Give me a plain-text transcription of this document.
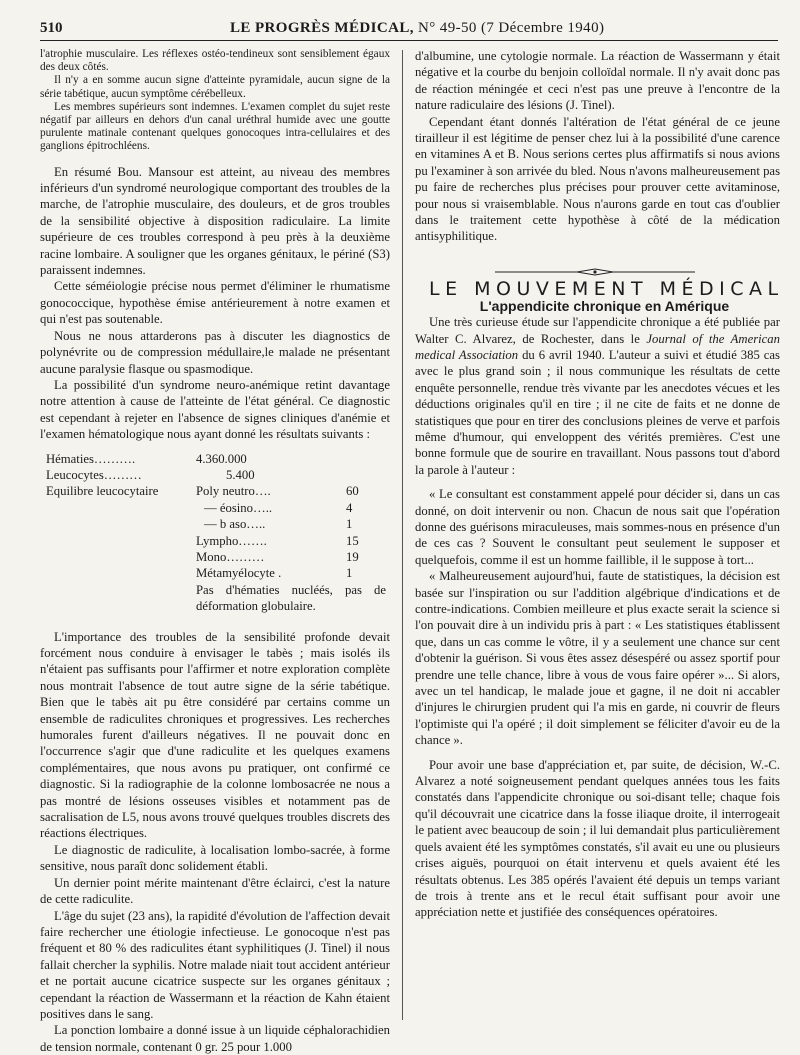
510	LE PROGRÈS MÉDICAL, N° 49-50 (7 Décembre 1940)

l'atrophie musculaire. Les réflexes ostéo-tendineux sont sensiblement égaux des deux côtés.

Il n'y a en somme aucun signe d'atteinte pyramidale, aucun signe de la série tabétique, aucun symptôme cérébelleux.

Les membres supérieurs sont indemnes. L'examen complet du sujet reste négatif par ailleurs en dehors d'un canal uréthral humide avec une goutte purulente matinale contenant quelques gonocoques intra-cellulaires et des ganglions épitrochléens.

En résumé Bou. Mansour est atteint, au niveau des membres inférieurs d'un syndromé neurologique comportant des troubles de la marche, de l'atrophie musculaire, des douleurs, et de gros troubles de la sensibilité objective à disposition radiculaire. La limite supérieure de ces troubles correspond à peu près à la deuxième racine lombaire. A souligner que les organes génitaux, le périné (S3) paraissent indemnes.

Cette séméiologie précise nous permet d'éliminer le rhumatisme gonococcique, hypothèse émise antérieurement à notre examen et qui n'est pas soutenable.

Nous ne nous attarderons pas à discuter les diagnostics de polynévrite ou de compression médullaire,le malade ne présentant aucune paralysie flasque ou spasmodique.

La possibilité d'un syndrome neuro-anémique retint davantage notre attention à cause de l'atteinte de l'état général. Ce diagnostic est cependant à rejeter en l'absence de signes cliniques d'anémie et l'examen hématologique nous ayant donné les résultats suivants :

Hématies……….	4.360.000	
Leucocytes………	5.400	
Equilibre leucocytaire	Poly neutro….	60
	— éosino…..	4
	— b aso…..	1
	Lympho…….	15
	Mono………	19
	Métamyélocyte .	1
	Pas d'hématies nucléés, pas de déformation globulaire.	

L'importance des troubles de la sensibilité profonde devait forcément nous conduire à envisager le tabès ; mais isolés ils n'étaient pas suffisants pour l'affirmer et notre exploration complète nous montrait l'absence de tout autre signe de la série tabétique. Bien que le tabès ait pu être considéré par certains comme un ensemble de radiculites chroniques et progressives. Les recherches humorales furent d'ailleurs négatives. Il ne pouvait donc en l'occurrence s'agir que d'une radiculite et les quelques examens complémentaires, que nous avons pu pratiquer, ont confirmé ce diagnostic. Si la radiographie de la colonne lombosacrée ne nous a pas montré de lésions osseuses visibles et notamment pas de sacralisation de L5, nous avons trouvé quelques troubles discrets des réactions électriques.

Le diagnostic de radiculite, à localisation lombo-sacrée, à forme sensitive, nous paraît donc solidement établi.

Un dernier point mérite maintenant d'être éclairci, c'est la nature de cette radiculite.

L'âge du sujet (23 ans), la rapidité d'évolution de l'affection devait faire rechercher une étiologie infectieuse. Le gonocoque n'est pas fréquent et 80 % des radiculites étant syphilitiques (J. Tinel) il nous fallait chercher la syphilis. Notre malade niait tout accident antérieur et ne portait aucune cicatrice suspecte sur les organes génitaux ; cependant la réaction de Wassermann et la réaction de Kahn étaient positives dans le sang.

La ponction lombaire a donné issue à un liquide céphalorachidien de tension normale, contenant 0 gr. 25 pour 1.000

d'albumine, une cytologie normale. La réaction de Wassermann y était négative et la courbe du benjoin colloïdal normale. Il n'y avait donc pas de réaction méningée et ceci n'est pas une preuve à l'encontre de la nature radiculaire des lésions (J. Tinel).

Cependant étant donnés l'altération de l'état général de ce jeune tirailleur il est légitime de penser chez lui à la possibilité d'une carence en vitamines A et B. Nous serions certes plus affirmatifs si nous avions pu l'examiner à son arrivée du bled. Nous n'avons malheureusement pas pu faire de recherches plus précises pour prouver cette avitaminose, pour nous si vraisemblable. Nous n'aurons garde en tout cas d'oublier dans le traitement cette hypothèse à côté de la médication antisyphilitique.

LE MOUVEMENT MÉDICAL

L'appendicite chronique en Amérique

Une très curieuse étude sur l'appendicite chronique a été publiée par Walter C. Alvarez, de Rochester, dans le Journal of the American medical Association du 6 avril 1940. L'auteur a suivi et étudié 385 cas avec le plus grand soin ; il nous communique les résultats de cette enquête personnelle, rendue très vivante par les anecdotes vécues et les déductions originales qu'il en tire ; il ne cite de faits et ne donne de statistiques que pour en tirer des conclusions pleines de verve et parfois même d'humour, qui enveloppent des vérités premières. C'est une bonne formule que de sourire en travaillant. Nous passons tout d'abord la parole à l'auteur :

« Le consultant est constamment appelé pour décider si, dans un cas donné, on doit intervenir ou non. Chacun de nous sait que l'opération donne des guérisons miraculeuses, mais sommes-nous en présence d'un de ces cas ? Souvent le consultant peut seulement le supposer et quelquefois, comme il est un homme faillible, il le suppose à tort...

« Malheureusement aujourd'hui, faute de statistiques, la décision est basée sur l'inspiration ou sur l'addition algébrique d'indications et de contre-indications. Combien meilleure et plus exacte serait la science si l'on pouvait dire à un individu pris à part : « Les statistiques établissent que, dans un cas comme le vôtre, il y a seulement une chance sur cent d'obtenir la guérison. Si vous êtes assez désespéré ou assez sportif pour prendre une telle chance, libre à vous de vous faire opérer »... Si alors, avec un tel handicap, le malade joue et gagne, il ne doit ni accabler d'injures le chirurgien prudent qui l'a mis en garde, ni couvrir de fleurs l'optimiste qui l'a opéré ; il doit simplement se féliciter d'avoir eu de la chance ».

Pour avoir une base d'appréciation et, par suite, de décision, W.-C. Alvarez a noté soigneusement pendant quelques années tous les faits constatés dans l'appendicite chronique ou soi-disant telle; chaque fois qu'il découvrait une cicatrice dans la fosse iliaque droite, il interrogeait le patient avec beaucoup de soin ; il lui demandait plus particulièrement quels avaient été les symptômes constatés, s'il avait eu une ou plusieurs crises aiguës, pourquoi on était intervenu et quels avaient été les résultats obtenus. Les 385 opérés l'avaient été depuis un temps variant de trois à trente ans et le recul était suffisant pour avoir une appréciation nette et justifiée des conséquences opératoires.
